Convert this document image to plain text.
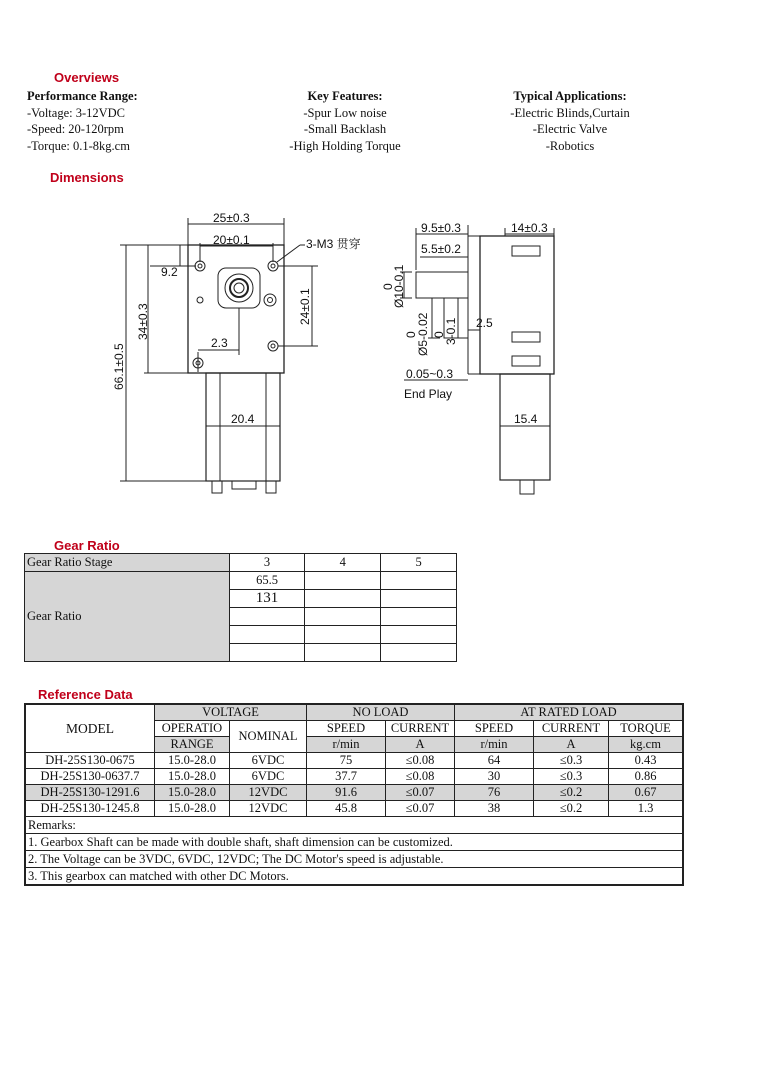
Overviews
Dimensions
Gear Ratio
Reference Data
Performance Range:
-Voltage: 3-12VDC
-Speed: 20-120rpm
-Torque: 0.1-8kg.cm
Key Features:
-Spur Low noise
-Small Backlash
-High Holding Torque
Typical Applications:
-Electric Blinds,Curtain
-Electric Valve
-Robotics
25±0.3
20±0.1	3-M3 贯穿
9.2
34±0.3
66.1±0.5
24±0.1
2.3
20.4
9.5±0.3	14±0.3
5.5±0.2
0
Ø10-0.1
0
Ø5-0.02 0
3-0.1 2.5
0.05~0.3
End Play
15.4
Gear Ratio Stage	3	4	5
Gear Ratio	65.5		
	131		

MODEL	VOLTAGE		NO LOAD		AT RATED LOAD		
	OPERATIO	NOMINAL	SPEED	CURRENT	SPEED	CURRENT	TORQUE
	RANGE		r/min	A	r/min	A	kg.cm
DH-25S130-0675	15.0-28.0	6VDC	75	≤0.08	64	≤0.3	0.43
DH-25S130-0637.7	15.0-28.0	6VDC	37.7	≤0.08	30	≤0.3	0.86
DH-25S130-1291.6	15.0-28.0	12VDC	91.6	≤0.07	76	≤0.2	0.67
DH-25S130-1245.8	15.0-28.0	12VDC	45.8	≤0.07	38	≤0.2	1.3
Remarks:							
1. Gearbox Shaft can be made with double shaft, shaft dimension can be customized.							
2. The Voltage can be 3VDC, 6VDC, 12VDC; The DC Motor's speed is adjustable.							
3. This gearbox can matched with other DC Motors.							
